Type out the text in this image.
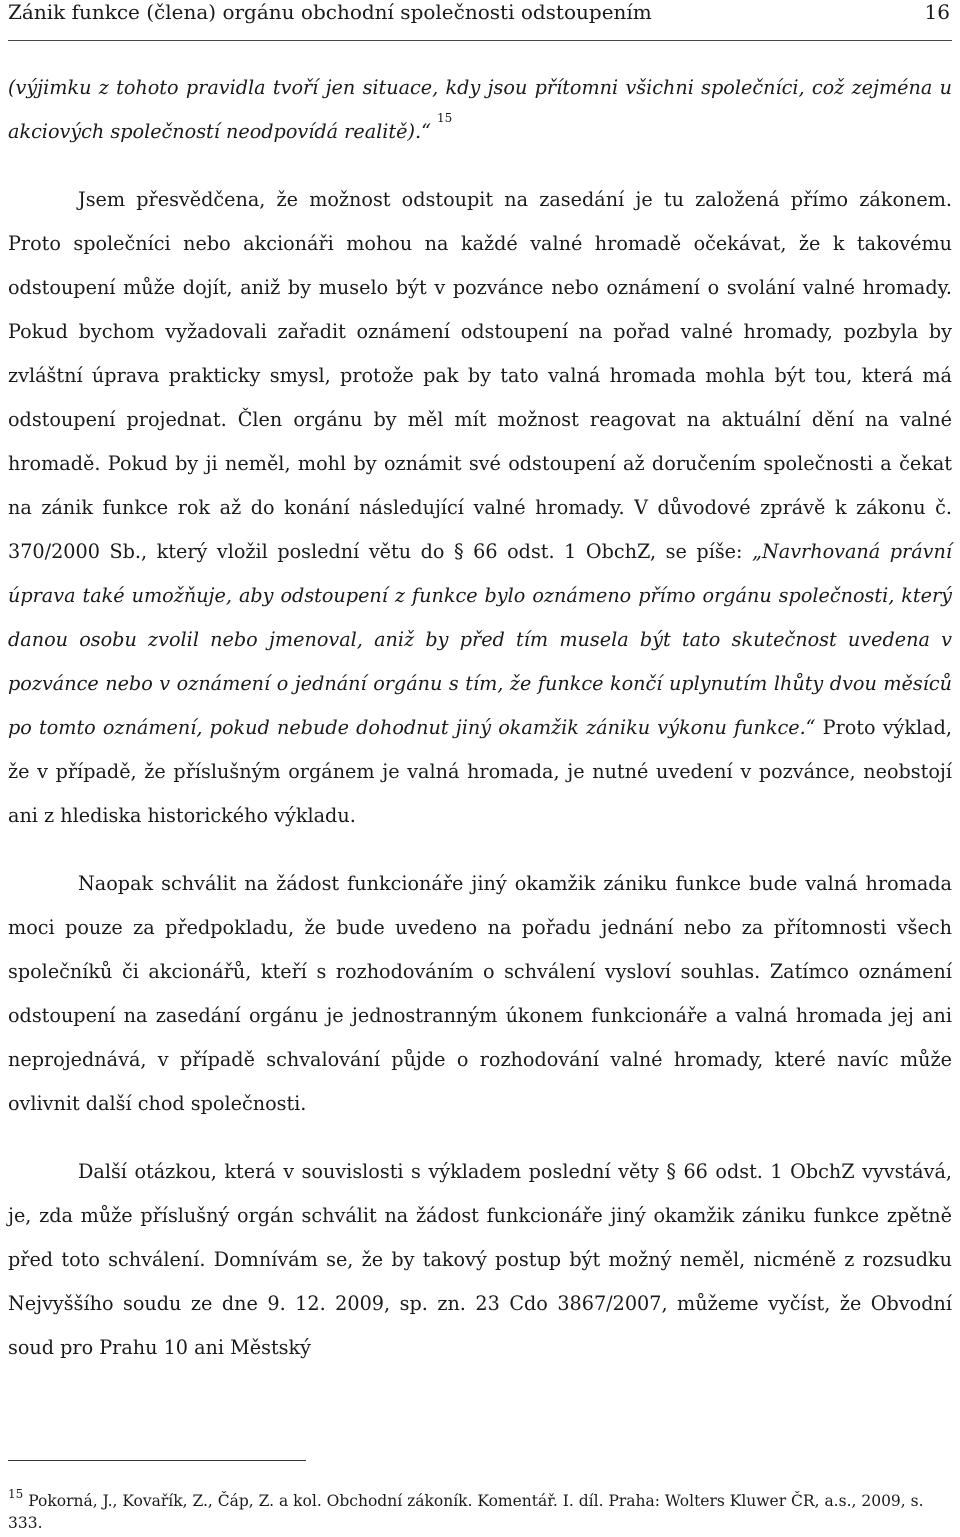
Zánik funkce (člena) orgánu obchodní společnosti odstoupením	16

(výjimku z tohoto pravidla tvoří jen situace, kdy jsou přítomni všichni společníci, což zejména u akciových společností neodpovídá realitě).“ $^{15}$

Jsem přesvědčena, že možnost odstoupit na zasedání je tu založená přímo zákonem. Proto společníci nebo akcionáři mohou na každé valné hromadě očekávat, že k takovému odstoupení může dojít, aniž by muselo být v pozvánce nebo oznámení o svolání valné hromady. Pokud bychom vyžadovali zařadit oznámení odstoupení na pořad valné hromady, pozbyla by zvláštní úprava prakticky smysl, protože pak by tato valná hromada mohla být tou, která má odstoupení projednat. Člen orgánu by měl mít možnost reagovat na aktuální dění na valné hromadě. Pokud by ji neměl, mohl by oznámit své odstoupení až doručením společnosti a čekat na zánik funkce rok až do konání následující valné hromady. V důvodové zprávě k zákonu č. 370/2000 Sb., který vložil poslední větu do § 66 odst. 1 ObchZ, se píše: „Navrhovaná právní úprava také umožňuje, aby odstoupení z funkce bylo oznámeno přímo orgánu společnosti, který danou osobu zvolil nebo jmenoval, aniž by před tím musela být tato skutečnost uvedena v pozvánce nebo v oznámení o jednání orgánu s tím, že funkce končí uplynutím lhůty dvou měsíců po tomto oznámení, pokud nebude dohodnut jiný okamžik zániku výkonu funkce.“ Proto výklad, že v případě, že příslušným orgánem je valná hromada, je nutné uvedení v pozvánce, neobstojí ani z hlediska historického výkladu.

Naopak schválit na žádost funkcionáře jiný okamžik zániku funkce bude valná hromada moci pouze za předpokladu, že bude uvedeno na pořadu jednání nebo za přítomnosti všech společníků či akcionářů, kteří s rozhodováním o schválení vysloví souhlas. Zatímco oznámení odstoupení na zasedání orgánu je jednostranným úkonem funkcionáře a valná hromada jej ani neprojednává, v případě schvalování půjde o rozhodování valné hromady, které navíc může ovlivnit další chod společnosti.

Další otázkou, která v souvislosti s výkladem poslední věty § 66 odst. 1 ObchZ vyvstává, je, zda může příslušný orgán schválit na žádost funkcionáře jiný okamžik zániku funkce zpětně před toto schválení. Domnívám se, že by takový postup být možný neměl, nicméně z rozsudku Nejvyššího soudu ze dne 9. 12. 2009, sp. zn. 23 Cdo 3867/2007, můžeme vyčíst, že Obvodní soud pro Prahu 10 ani Městský

$^{15}$ Pokorná, J., Kovařík, Z., Čáp, Z. a kol. Obchodní zákoník. Komentář. I. díl. Praha: Wolters Kluwer ČR, a.s., 2009, s. 333.
